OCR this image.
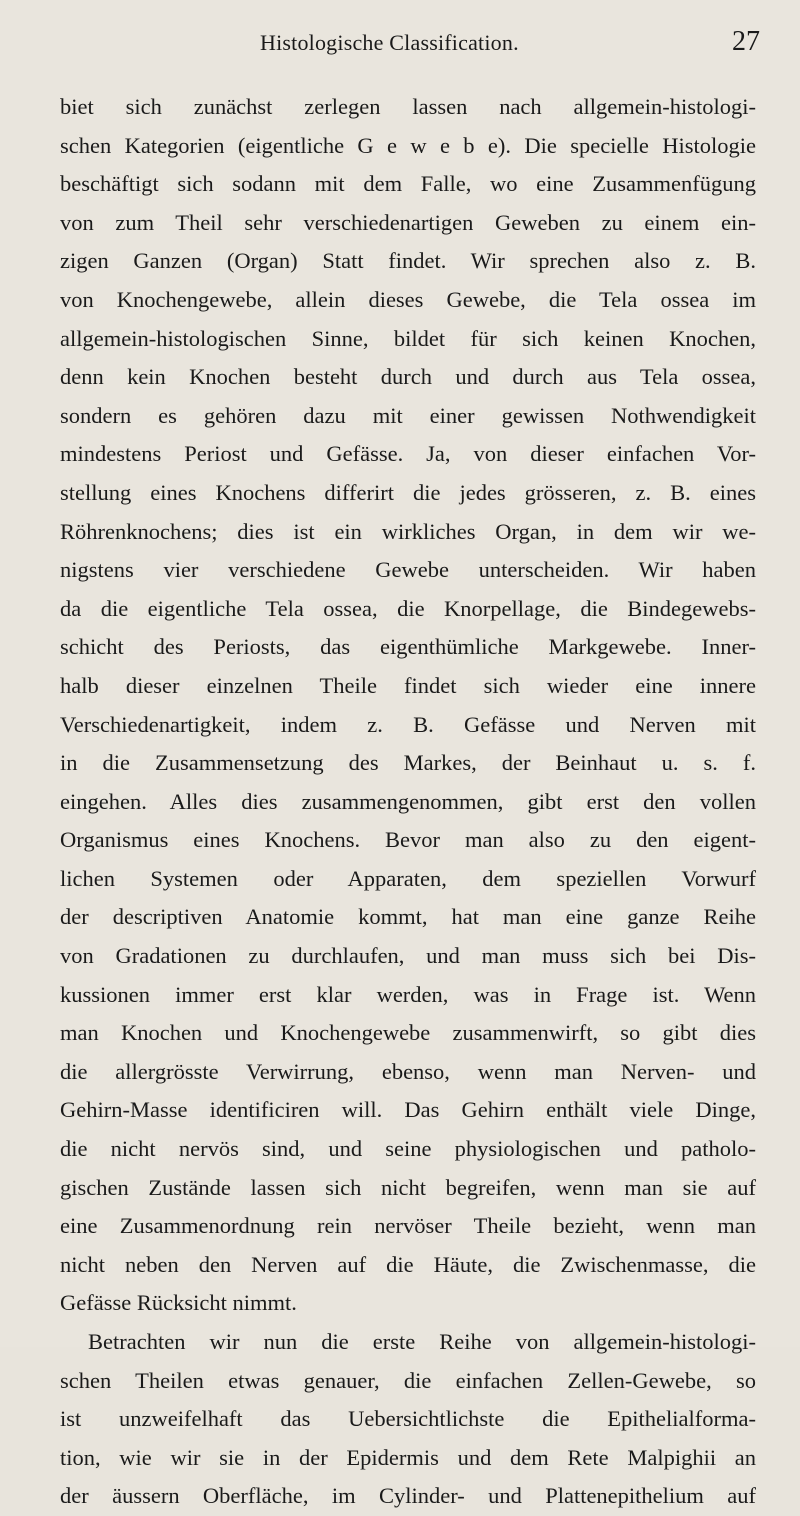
Histologische Classification.	27
biet sich zunächst zerlegen lassen nach allgemein-histologi-
schen Kategorien (eigentliche G e w e b e). Die specielle Histologie
beschäftigt sich sodann mit dem Falle, wo eine Zusammenfügung
von zum Theil sehr verschiedenartigen Geweben zu einem ein-
zigen Ganzen (Organ) Statt findet. Wir sprechen also z. B.
von Knochengewebe, allein dieses Gewebe, die Tela ossea im
allgemein-histologischen Sinne, bildet für sich keinen Knochen,
denn kein Knochen besteht durch und durch aus Tela ossea,
sondern es gehören dazu mit einer gewissen Nothwendigkeit
mindestens Periost und Gefässe. Ja, von dieser einfachen Vor-
stellung eines Knochens differirt die jedes grösseren, z. B. eines
Röhrenknochens; dies ist ein wirkliches Organ, in dem wir we-
nigstens vier verschiedene Gewebe unterscheiden. Wir haben
da die eigentliche Tela ossea, die Knorpellage, die Bindegewebs-
schicht des Periosts, das eigenthümliche Markgewebe. Inner-
halb dieser einzelnen Theile findet sich wieder eine innere
Verschiedenartigkeit, indem z. B. Gefässe und Nerven mit
in die Zusammensetzung des Markes, der Beinhaut u. s. f.
eingehen. Alles dies zusammengenommen, gibt erst den vollen
Organismus eines Knochens. Bevor man also zu den eigent-
lichen Systemen oder Apparaten, dem speziellen Vorwurf
der descriptiven Anatomie kommt, hat man eine ganze Reihe
von Gradationen zu durchlaufen, und man muss sich bei Dis-
kussionen immer erst klar werden, was in Frage ist. Wenn
man Knochen und Knochengewebe zusammenwirft, so gibt dies
die allergrösste Verwirrung, ebenso, wenn man Nerven- und
Gehirn-Masse identificiren will. Das Gehirn enthält viele Dinge,
die nicht nervös sind, und seine physiologischen und patholo-
gischen Zustände lassen sich nicht begreifen, wenn man sie auf
eine Zusammenordnung rein nervöser Theile bezieht, wenn man
nicht neben den Nerven auf die Häute, die Zwischenmasse, die
Gefässe Rücksicht nimmt.
Betrachten wir nun die erste Reihe von allgemein-histologi-
schen Theilen etwas genauer, die einfachen Zellen-Gewebe, so
ist unzweifelhaft das Uebersichtlichste die Epithelialforma-
tion, wie wir sie in der Epidermis und dem Rete Malpighii an
der äussern Oberfläche, im Cylinder- und Plattenepithelium auf
